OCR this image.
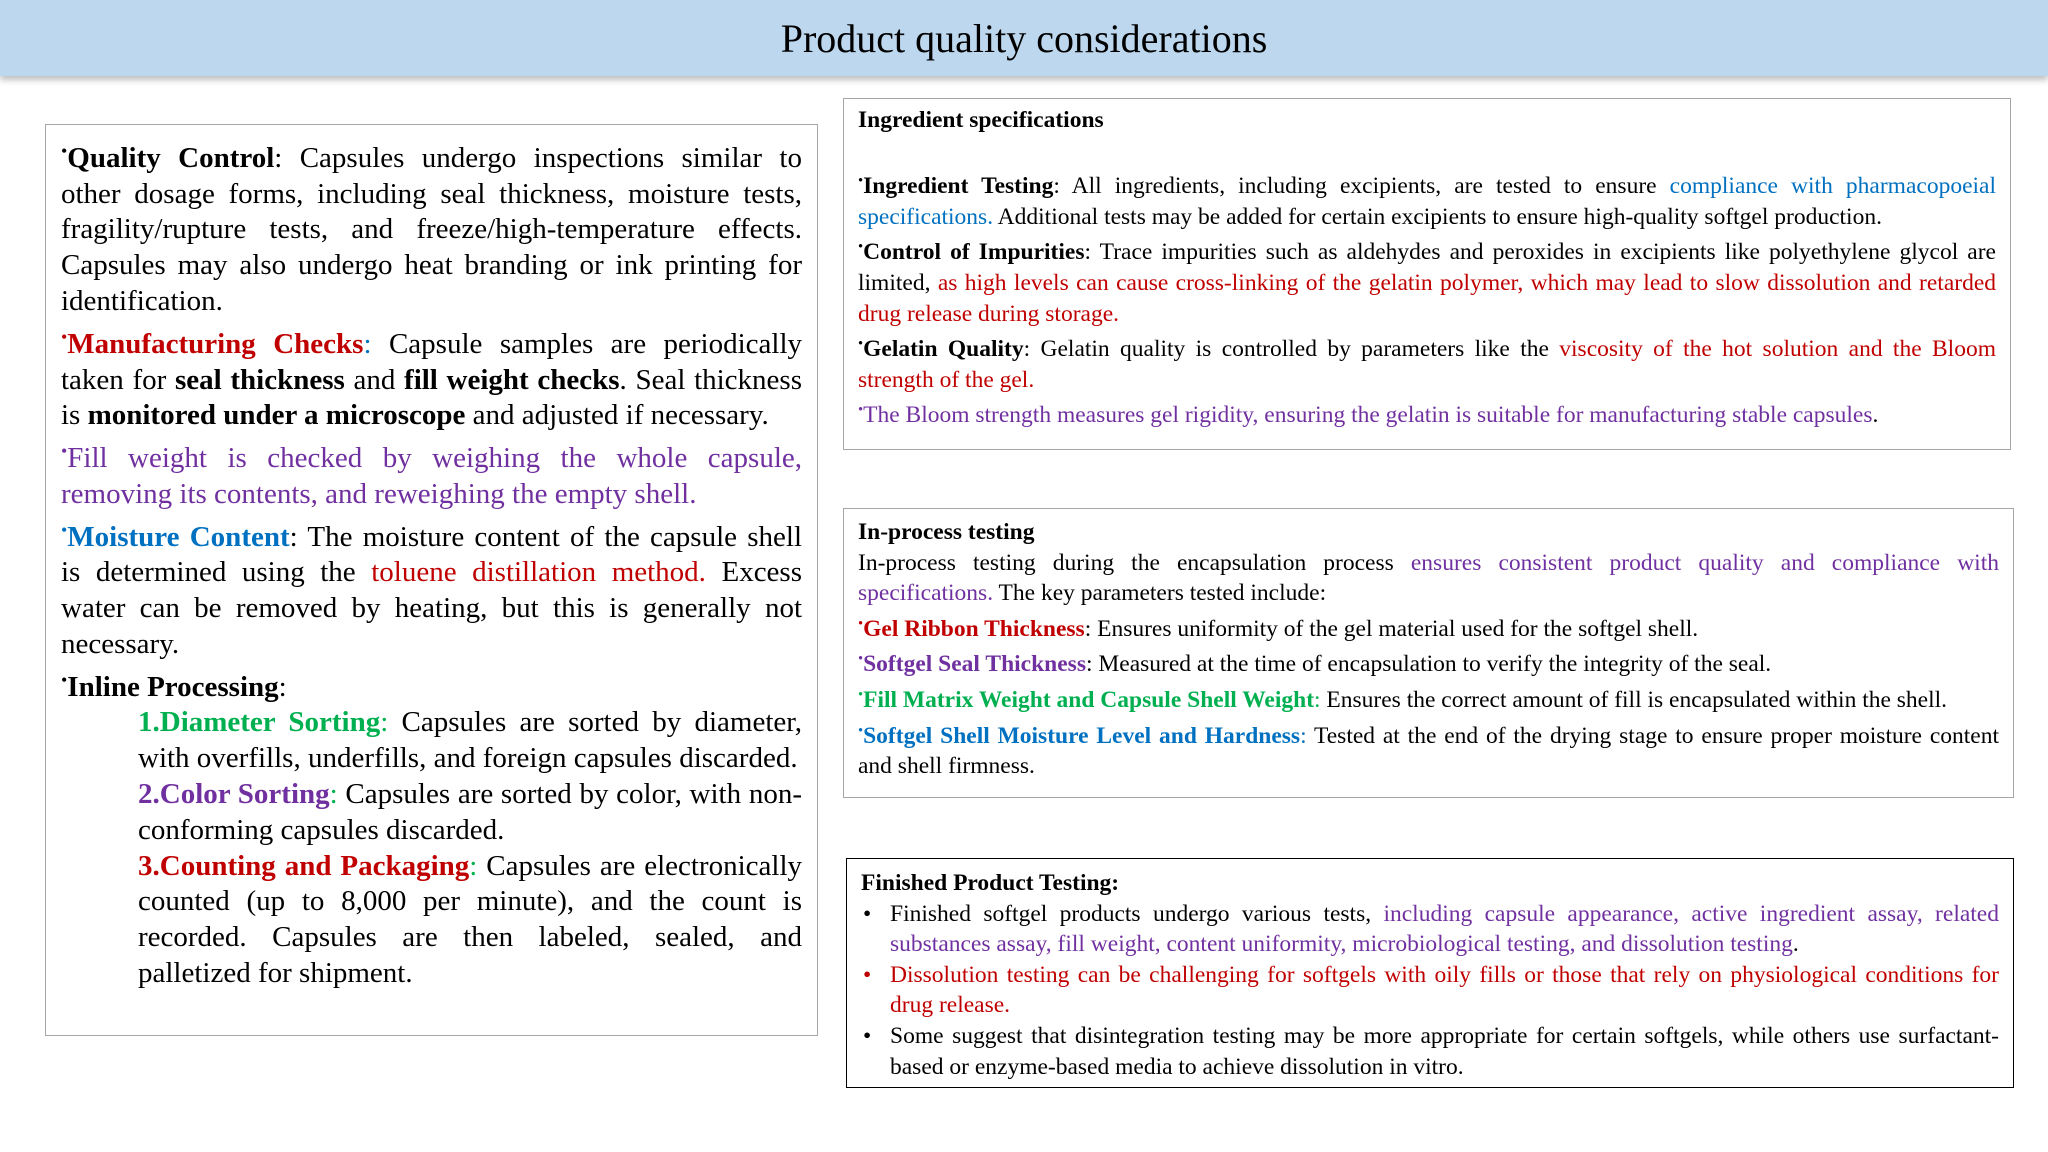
Product quality considerations

•Quality Control: Capsules undergo inspections similar to other dosage forms, including seal thickness, moisture tests, fragility/rupture tests, and freeze/high-temperature effects. Capsules may also undergo heat branding or ink printing for identification.

•Manufacturing Checks: Capsule samples are periodically taken for seal thickness and fill weight checks. Seal thickness is monitored under a microscope and adjusted if necessary.

•Fill weight is checked by weighing the whole capsule, removing its contents, and reweighing the empty shell.

•Moisture Content: The moisture content of the capsule shell is determined using the toluene distillation method. Excess water can be removed by heating, but this is generally not necessary.

•Inline Processing:

1.Diameter Sorting: Capsules are sorted by diameter, with overfills, underfills, and foreign capsules discarded.

2.Color Sorting: Capsules are sorted by color, with non-conforming capsules discarded.

3.Counting and Packaging: Capsules are electronically counted (up to 8,000 per minute), and the count is recorded. Capsules are then labeled, sealed, and palletized for shipment.

Ingredient specifications

•Ingredient Testing: All ingredients, including excipients, are tested to ensure compliance with pharmacopoeial specifications. Additional tests may be added for certain excipients to ensure high-quality softgel production.

•Control of Impurities: Trace impurities such as aldehydes and peroxides in excipients like polyethylene glycol are limited, as high levels can cause cross-linking of the gelatin polymer, which may lead to slow dissolution and retarded drug release during storage.

•Gelatin Quality: Gelatin quality is controlled by parameters like the viscosity of the hot solution and the Bloom strength of the gel.

•The Bloom strength measures gel rigidity, ensuring the gelatin is suitable for manufacturing stable capsules.

In-process testing

In-process testing during the encapsulation process ensures consistent product quality and compliance with specifications. The key parameters tested include:

•Gel Ribbon Thickness: Ensures uniformity of the gel material used for the softgel shell.

•Softgel Seal Thickness: Measured at the time of encapsulation to verify the integrity of the seal.

•Fill Matrix Weight and Capsule Shell Weight: Ensures the correct amount of fill is encapsulated within the shell.

•Softgel Shell Moisture Level and Hardness: Tested at the end of the drying stage to ensure proper moisture content and shell firmness.

Finished Product Testing:

• Finished softgel products undergo various tests, including capsule appearance, active ingredient assay, related substances assay, fill weight, content uniformity, microbiological testing, and dissolution testing.
• Dissolution testing can be challenging for softgels with oily fills or those that rely on physiological conditions for drug release.
• Some suggest that disintegration testing may be more appropriate for certain softgels, while others use surfactant-based or enzyme-based media to achieve dissolution in vitro.
